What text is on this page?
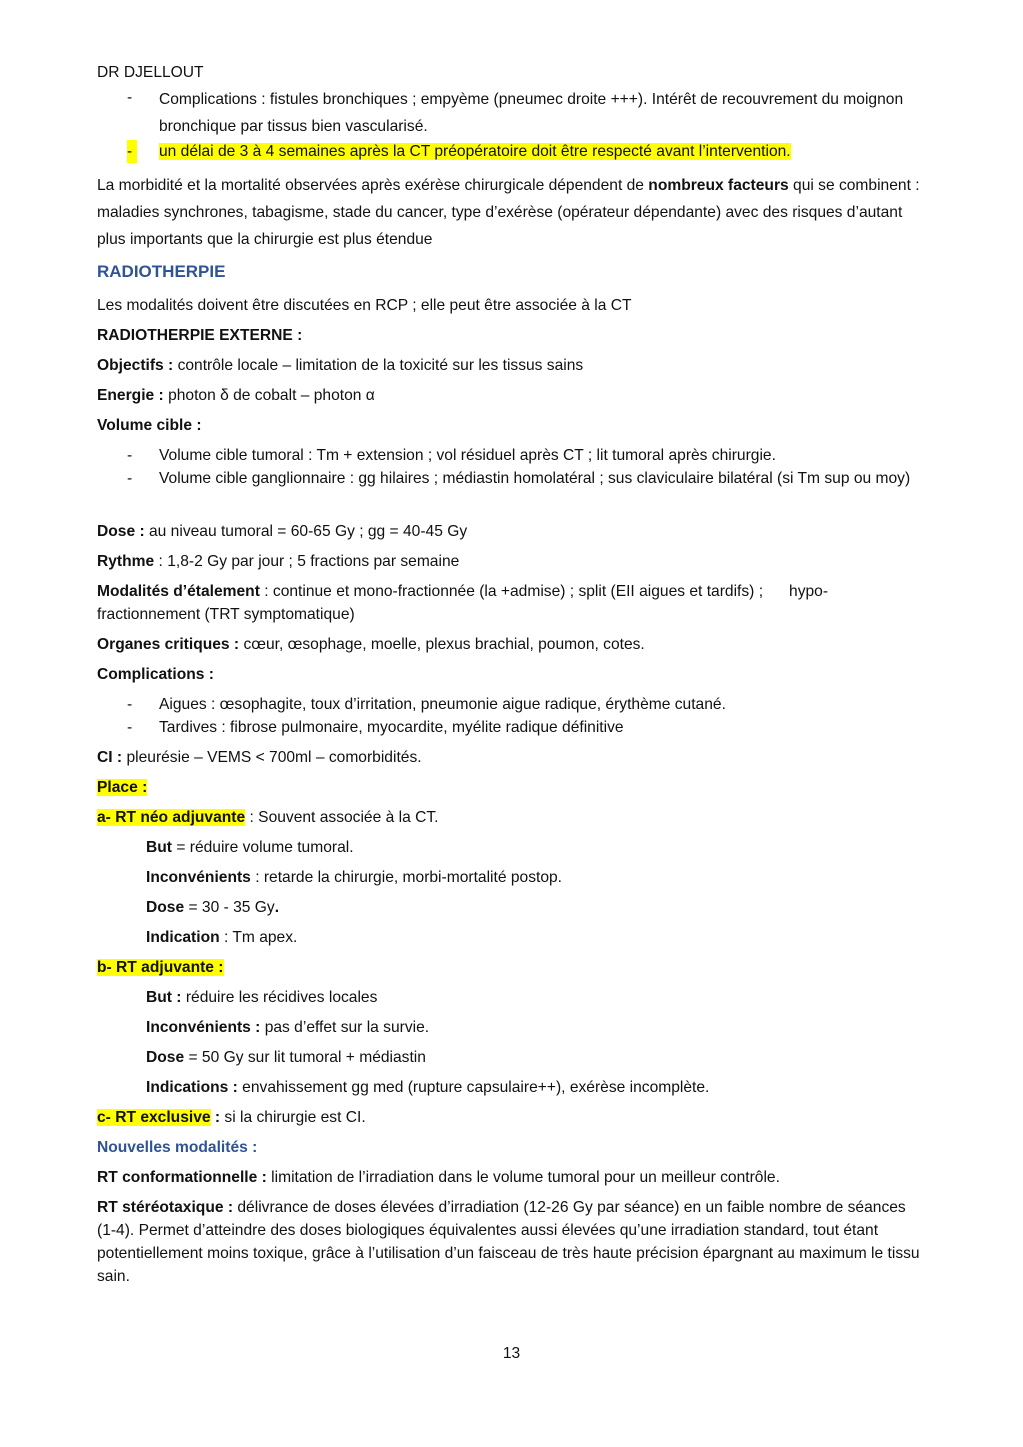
DR DJELLOUT
-	Complications : fistules bronchiques ; empyème (pneumec droite +++). Intérêt de recouvrement du moignon bronchique par tissus bien vascularisé.
-	un délai de 3 à 4 semaines après la CT préopératoire doit être respecté avant l’intervention.
La morbidité et la mortalité observées après exérèse chirurgicale dépendent de nombreux facteurs qui se combinent : maladies synchrones, tabagisme, stade du cancer, type d’exérèse (opérateur dépendante) avec des risques d’autant plus importants que la chirurgie est plus étendue
RADIOTHERPIE
Les modalités doivent être discutées en RCP ; elle peut être associée à la CT
RADIOTHERPIE EXTERNE :
Objectifs : contrôle locale – limitation de la toxicité sur les tissus sains
Energie : photon δ de cobalt – photon α
Volume cible :
-	Volume cible tumoral : Tm + extension ; vol résiduel après CT ; lit tumoral après chirurgie.
-	Volume cible ganglionnaire : gg hilaires ; médiastin homolatéral ; sus claviculaire bilatéral (si Tm sup ou moy)
Dose : au niveau tumoral = 60-65 Gy ; gg = 40-45 Gy
Rythme : 1,8-2 Gy par jour ; 5 fractions par semaine
Modalités d’étalement : continue et mono-fractionnée (la +admise) ; split (EII aigues et tardifs) ;      hypo-fractionnement (TRT symptomatique)
Organes critiques : cœur, œsophage, moelle, plexus brachial, poumon, cotes.
Complications :
-	Aigues : œsophagite, toux d’irritation, pneumonie aigue radique, érythème cutané.
-	Tardives : fibrose pulmonaire, myocardite, myélite radique définitive
CI : pleurésie – VEMS < 700ml – comorbidités.
Place :
a- RT néo adjuvante : Souvent associée à la CT.
But = réduire volume tumoral.
Inconvénients : retarde la chirurgie, morbi-mortalité postop.
Dose = 30 - 35 Gy.
Indication : Tm apex.
b- RT adjuvante :
But : réduire les récidives locales
Inconvénients : pas d’effet sur la survie.
Dose = 50 Gy sur lit tumoral + médiastin
Indications : envahissement gg med (rupture capsulaire++), exérèse incomplète.
c- RT exclusive : si la chirurgie est CI.
Nouvelles modalités :
RT conformationnelle : limitation de l’irradiation dans le volume tumoral pour un meilleur contrôle.
RT stéréotaxique : délivrance de doses élevées d’irradiation (12-26 Gy par séance) en un faible nombre de séances (1-4). Permet d’atteindre des doses biologiques équivalentes aussi élevées qu’une irradiation standard, tout étant potentiellement moins toxique, grâce à l’utilisation d’un faisceau de très haute précision épargnant au maximum le tissu sain.
13
